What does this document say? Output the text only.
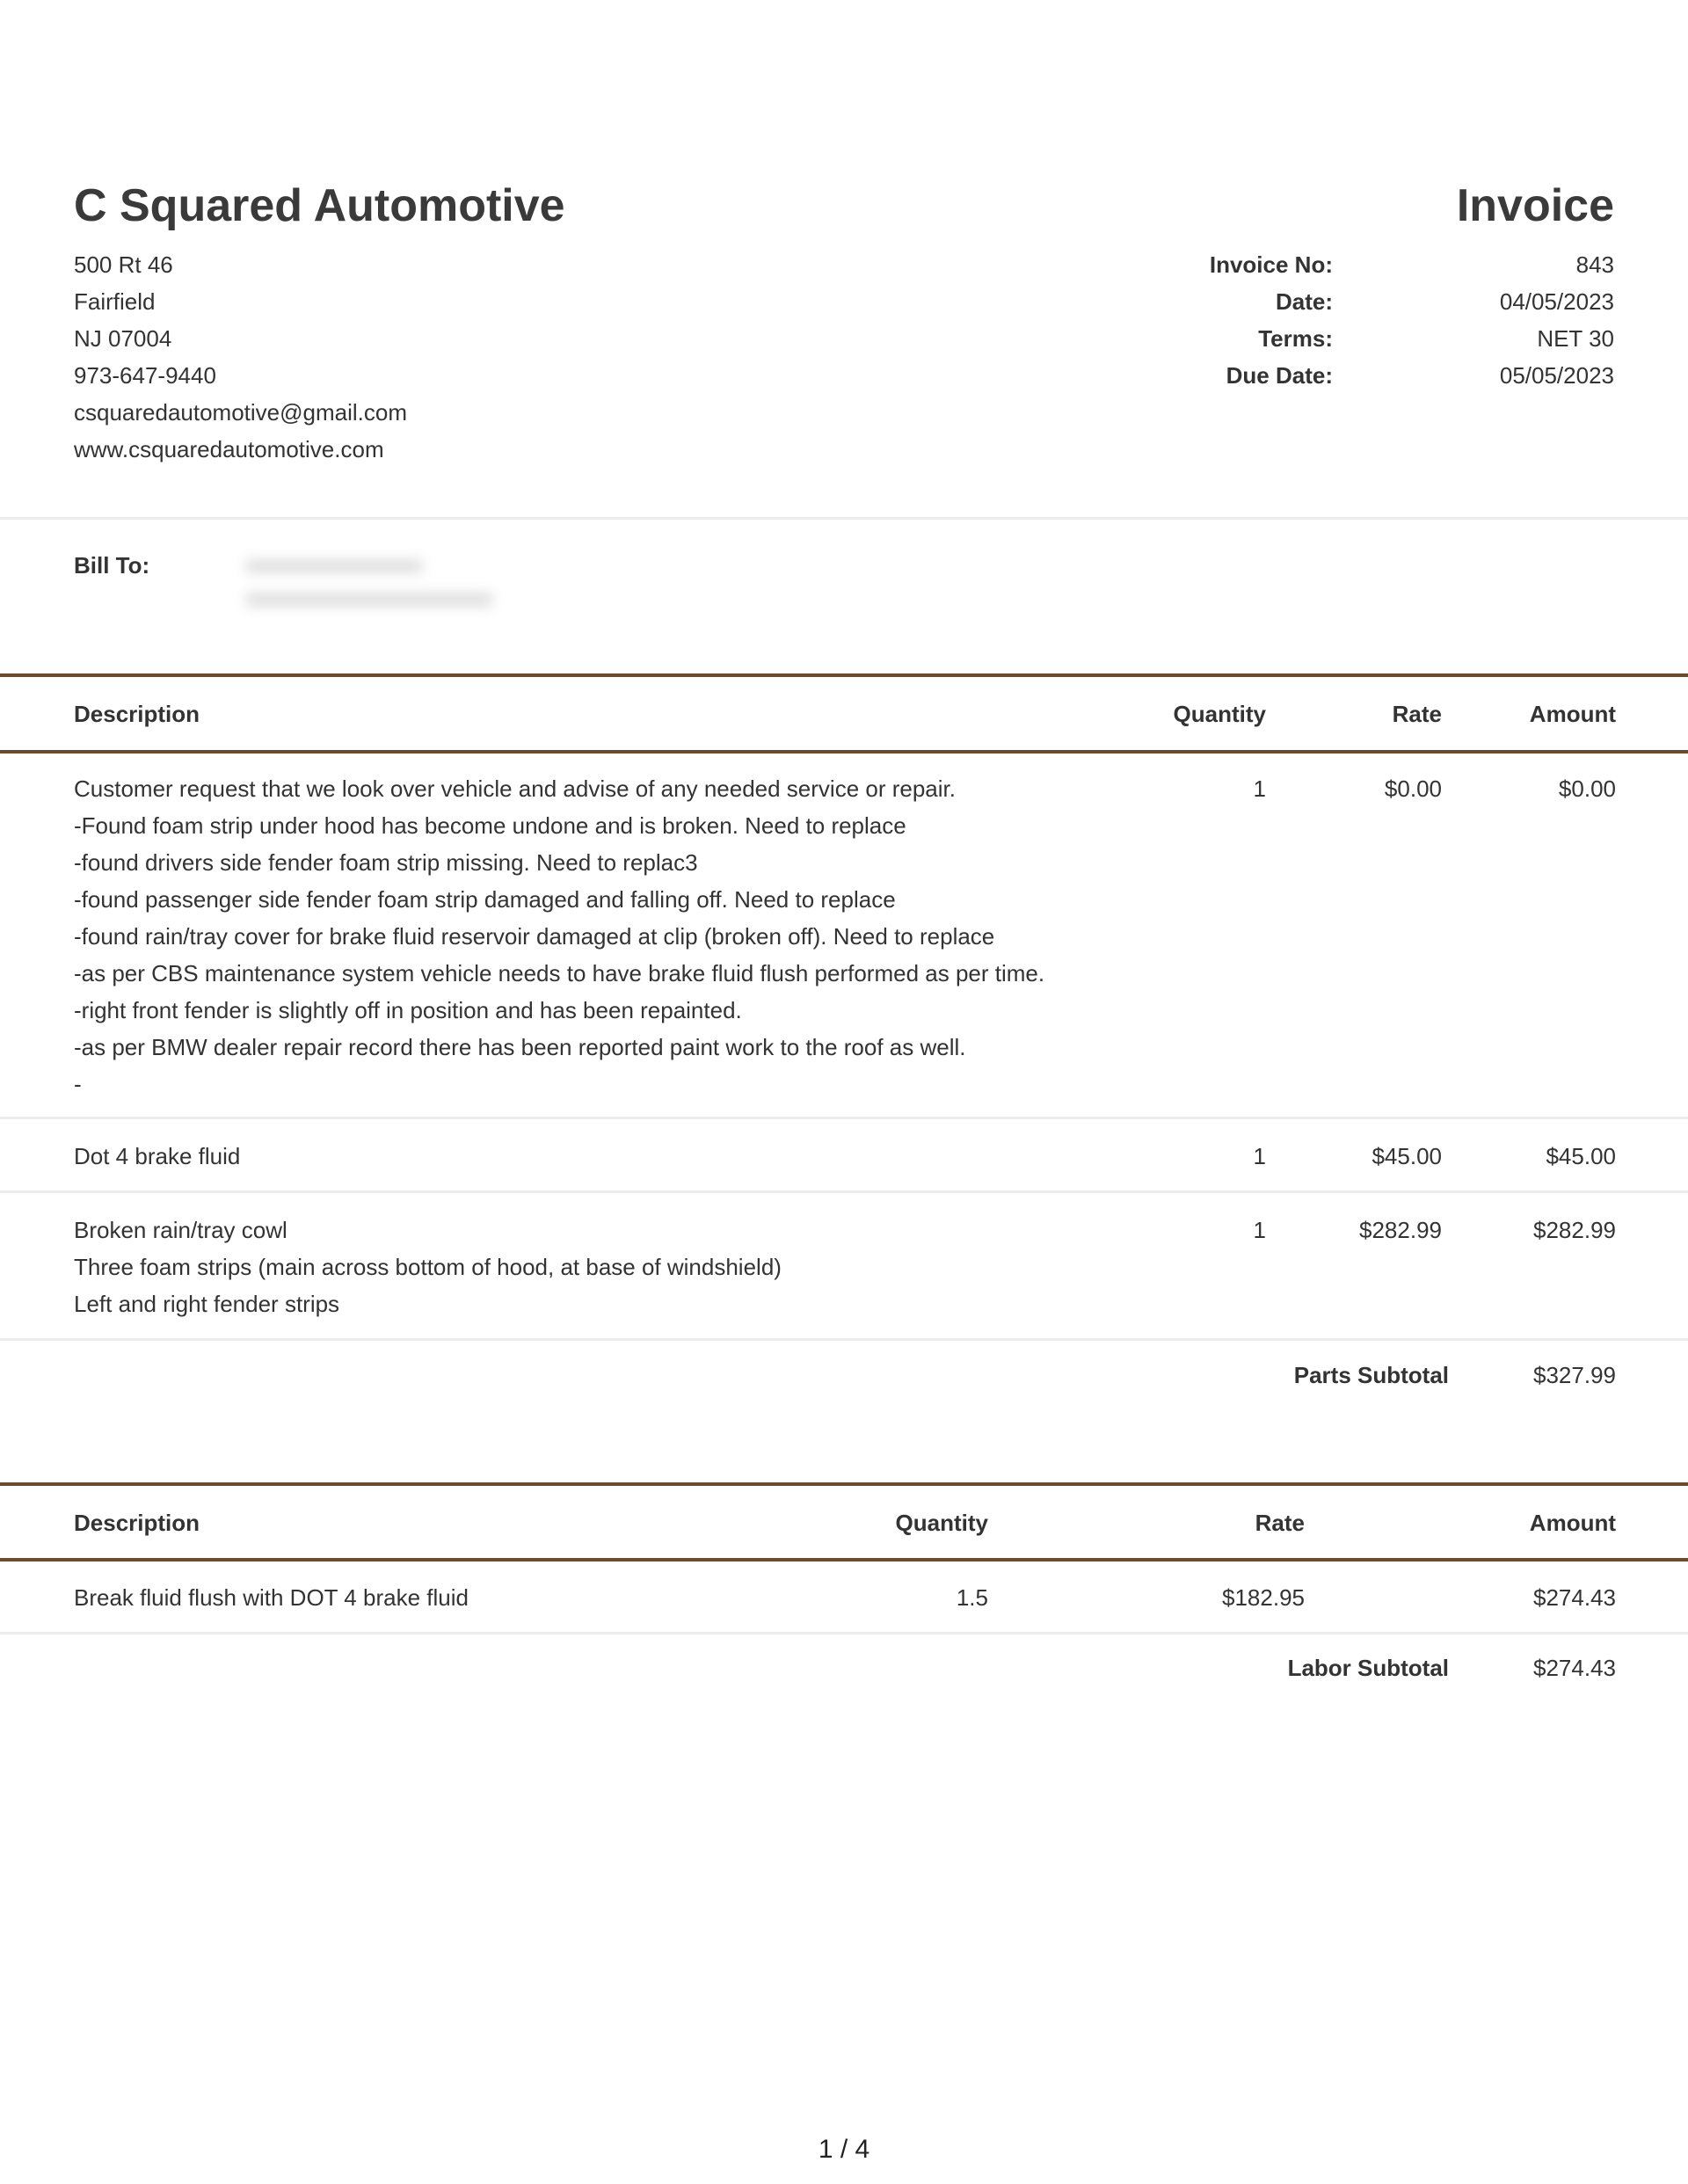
C Squared Automotive	Invoice
500 Rt 46
Fairfield
NJ 07004
973-647-9440
csquaredautomotive@gmail.com
www.csquaredautomotive.com
Invoice No:	843
Date:	04/05/2023
Terms:	NET 30
Due Date:	05/05/2023
Bill To:
Description	Quantity	Rate	Amount
Customer request that we look over vehicle and advise of any needed service or repair.
-Found foam strip under hood has become undone and is broken. Need to replace
-found drivers side fender foam strip missing. Need to replac3
-found passenger side fender foam strip damaged and falling off. Need to replace
-found rain/tray cover for brake fluid reservoir damaged at clip (broken off). Need to replace
-as per CBS maintenance system vehicle needs to have brake fluid flush performed as per time.
-right front fender is slightly off in position and has been repainted.
-as per BMW dealer repair record there has been reported paint work to the roof as well.
-
1	$0.00	$0.00
Dot 4 brake fluid	1	$45.00	$45.00
Broken rain/tray cowl
Three foam strips (main across bottom of hood, at base of windshield)
Left and right fender strips
1	$282.99	$282.99
Parts Subtotal	$327.99
Description	Quantity	Rate	Amount
Break fluid flush with DOT 4 brake fluid	1.5	$182.95	$274.43
Labor Subtotal	$274.43
1 / 4
